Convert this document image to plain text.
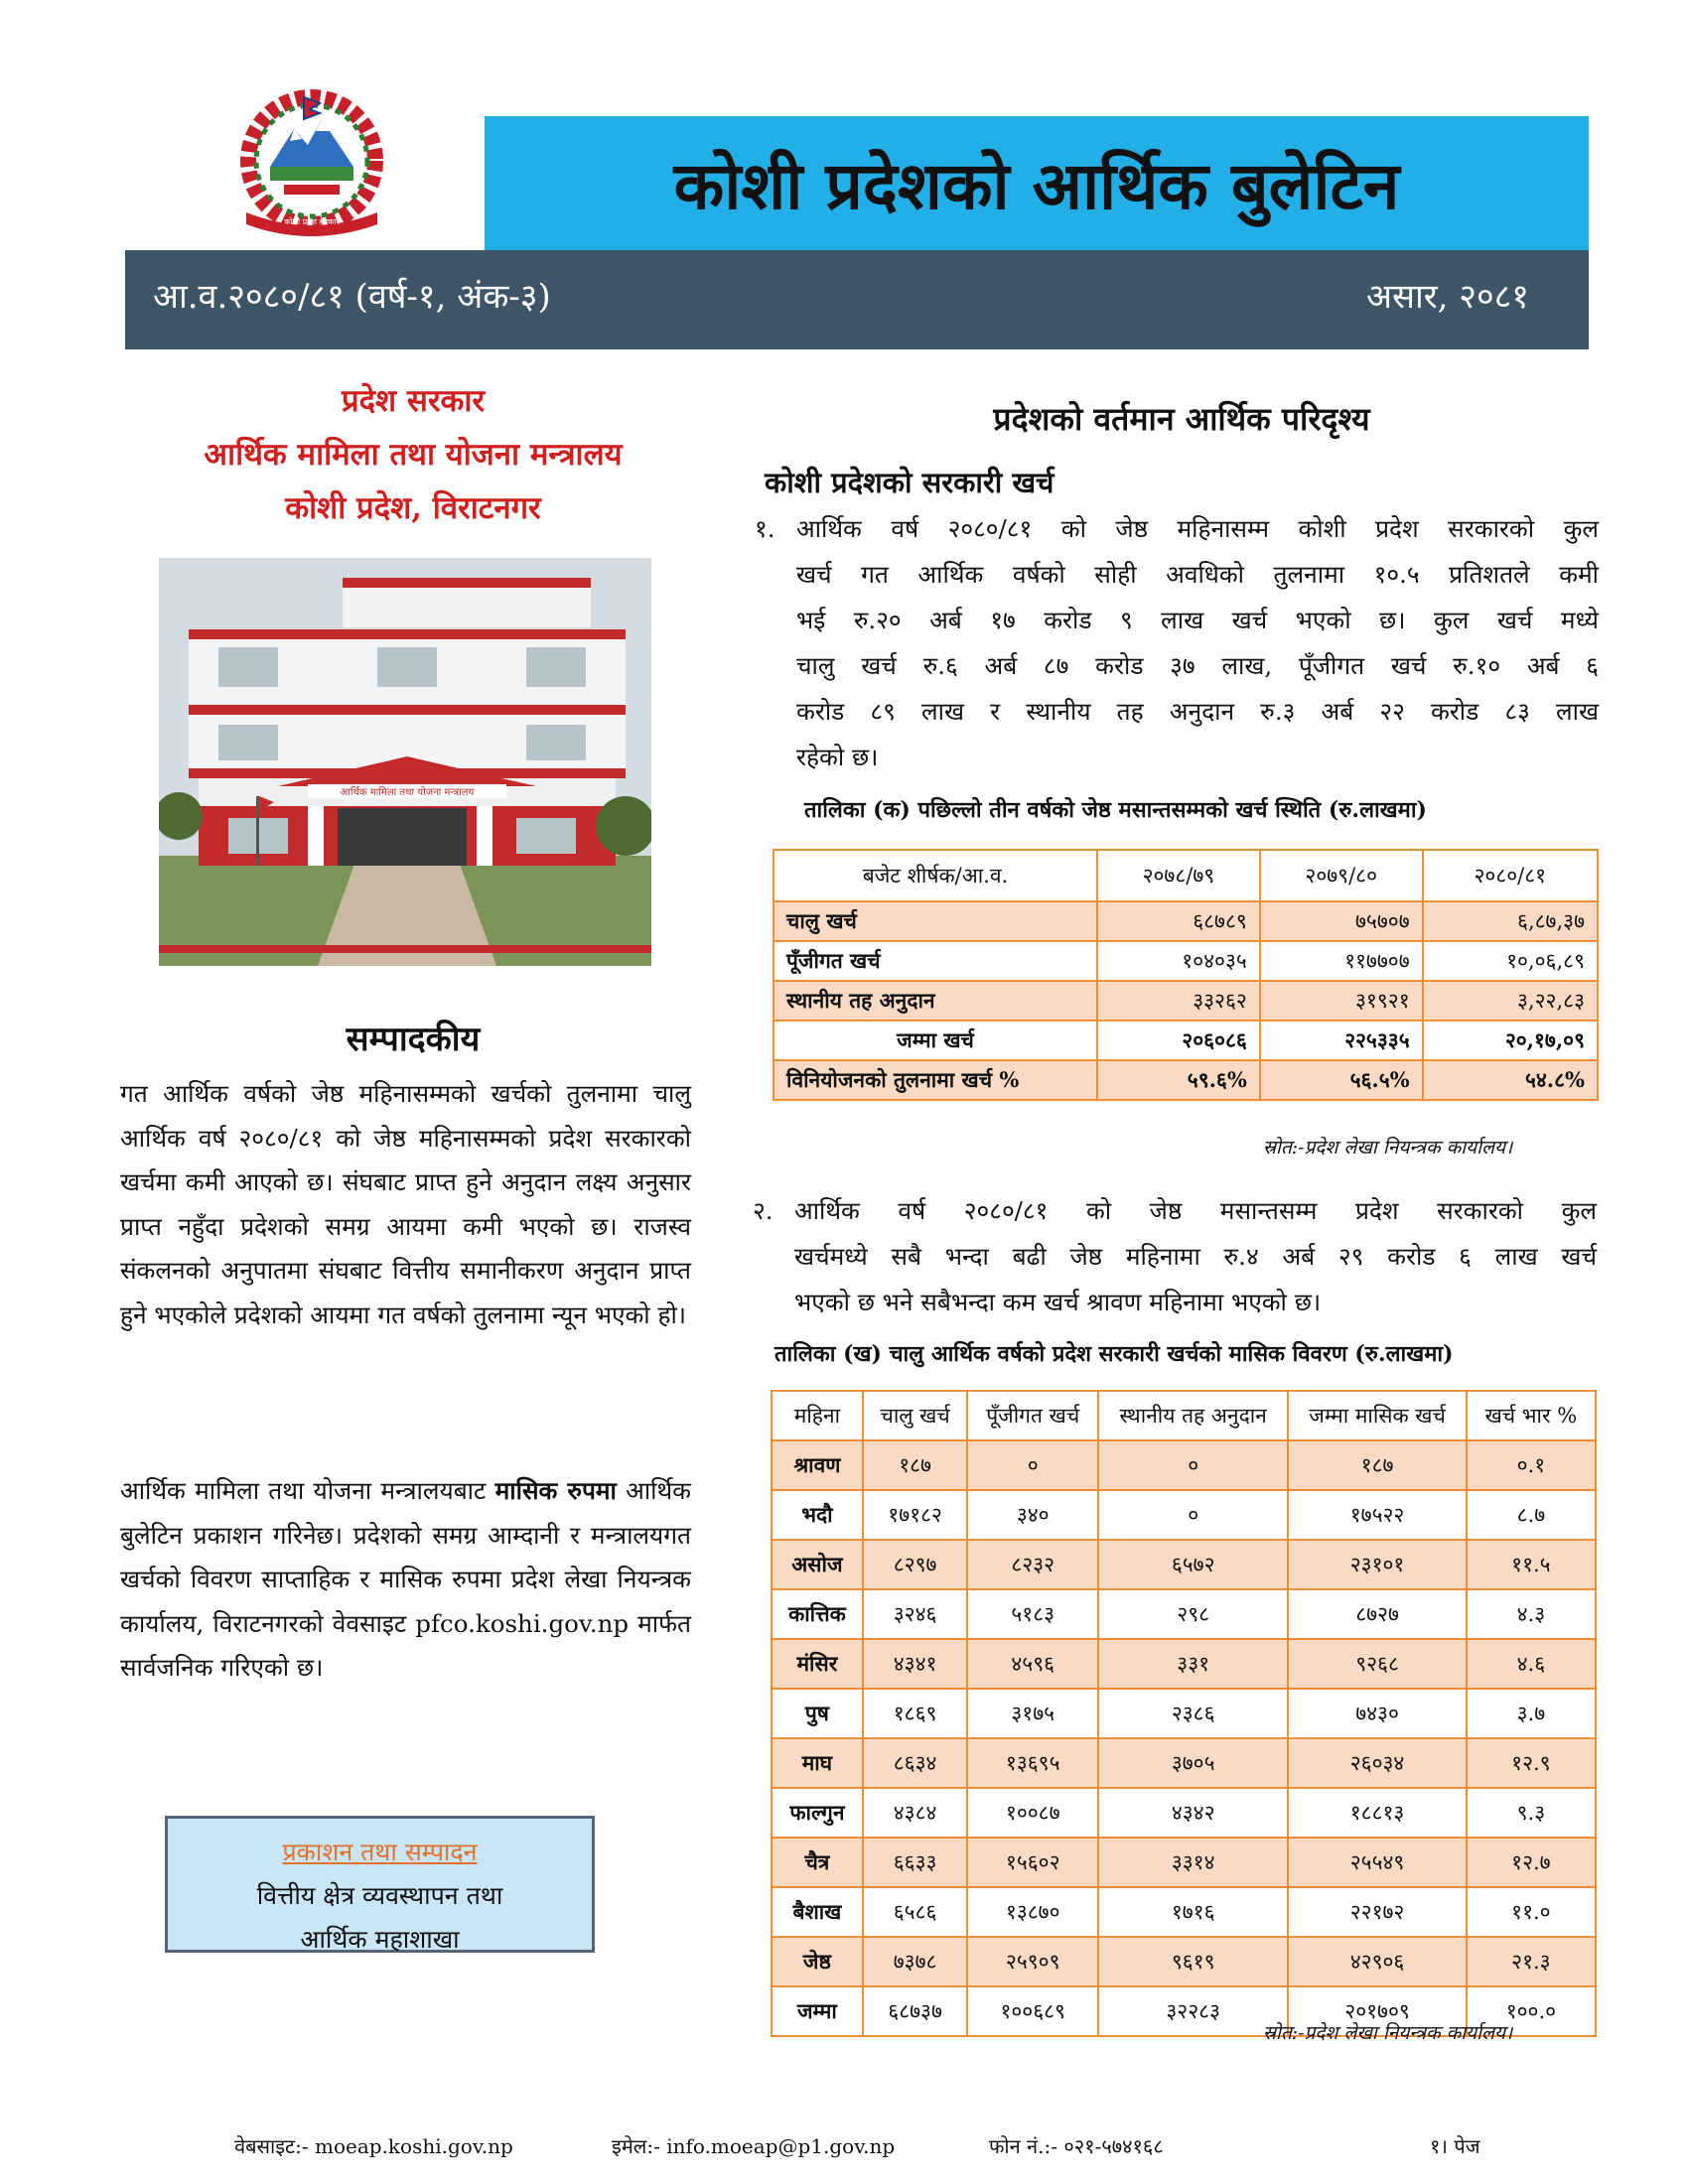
कोशी प्रदेश सरकार	कोशी प्रदेशको आर्थिक बुलेटिन
आ.व.२०८०/८१ (वर्ष-१, अंक-३)	असार, २०८१
प्रदेश सरकार
आर्थिक मामिला तथा योजना मन्त्रालय
कोशी प्रदेश, विराटनगर
आर्थिक मामिला तथा योजना मन्त्रालय
सम्पादकीय
गत आर्थिक वर्षको जेष्ठ महिनासम्मको खर्चको तुलनामा चालु आर्थिक वर्ष २०८०/८१ को जेष्ठ महिनासम्मको प्रदेश सरकारको खर्चमा कमी आएको छ। संघबाट प्राप्त हुने अनुदान लक्ष्य अनुसार प्राप्त नहुँदा प्रदेशको समग्र आयमा कमी भएको छ। राजस्व संकलनको अनुपातमा संघबाट वित्तीय समानीकरण अनुदान प्राप्त हुने भएकोले प्रदेशको आयमा गत वर्षको तुलनामा न्यून भएको हो।
आर्थिक मामिला तथा योजना मन्त्रालयबाट मासिक रुपमा आर्थिक बुलेटिन प्रकाशन गरिनेछ। प्रदेशको समग्र आम्दानी र मन्त्रालयगत खर्चको विवरण साप्ताहिक र मासिक रुपमा प्रदेश लेखा नियन्त्रक कार्यालय, विराटनगरको वेवसाइट pfco.koshi.gov.np मार्फत सार्वजनिक गरिएको छ।
प्रकाशन तथा सम्पादन
वित्तीय क्षेत्र व्यवस्थापन तथा
आर्थिक महाशाखा
प्रदेशको वर्तमान आर्थिक परिदृश्य
कोशी प्रदेशको सरकारी खर्च
१. आर्थिक वर्ष २०८०/८१ को जेष्ठ महिनासम्म कोशी प्रदेश सरकारको कुल
खर्च गत आर्थिक वर्षको सोही अवधिको तुलनामा १०.५ प्रतिशतले कमी
भई रु.२० अर्ब १७ करोड ९ लाख खर्च भएको छ। कुल खर्च मध्ये
चालु खर्च रु.६ अर्ब ८७ करोड ३७ लाख, पूँजीगत खर्च रु.१० अर्ब ६
करोड ८९ लाख र स्थानीय तह अनुदान रु.३ अर्ब २२ करोड ८३ लाख
रहेको छ।
तालिका (क) पछिल्लो तीन वर्षको जेष्ठ मसान्तसम्मको खर्च स्थिति (रु.लाखमा)
बजेट शीर्षक/आ.व.	२०७८/७९	२०७९/८०	२०८०/८१
चालु खर्च	६८७८९	७५७०७	६,८७,३७
पूँजीगत खर्च	१०४०३५	११७७०७	१०,०६,८९
स्थानीय तह अनुदान	३३२६२	३१९२१	३,२२,८३
जम्मा खर्च	२०६०८६	२२५३३५	२०,१७,०९
विनियोजनको तुलनामा खर्च %	५९.६%	५६.५%	५४.८%
स्रोत:-प्रदेश लेखा नियन्त्रक कार्यालय।
२. आर्थिक वर्ष २०८०/८१ को जेष्ठ मसान्तसम्म प्रदेश सरकारको कुल
खर्चमध्ये सबै भन्दा बढी जेष्ठ महिनामा रु.४ अर्ब २९ करोड ६ लाख खर्च
भएको छ भने सबैभन्दा कम खर्च श्रावण महिनामा भएको छ।
तालिका (ख) चालु आर्थिक वर्षको प्रदेश सरकारी खर्चको मासिक विवरण (रु.लाखमा)
महिना	चालु खर्च	पूँजीगत खर्च	स्थानीय तह अनुदान	जम्मा मासिक खर्च	खर्च भार %
श्रावण	१८७	०	०	१८७	०.१
भदौ	१७१८२	३४०	०	१७५२२	८.७
असोज	८२९७	८२३२	६५७२	२३१०१	११.५
कात्तिक	३२४६	५१८३	२९८	८७२७	४.३
मंसिर	४३४१	४५९६	३३१	९२६८	४.६
पुष	१८६९	३१७५	२३८६	७४३०	३.७
माघ	८६३४	१३६९५	३७०५	२६०३४	१२.९
फाल्गुन	४३८४	१००८७	४३४२	१८८१३	९.३
चैत्र	६६३३	१५६०२	३३१४	२५५४९	१२.७
बैशाख	६५८६	१३८७०	१७१६	२२१७२	११.०
जेष्ठ	७३७८	२५९०९	९६१९	४२९०६	२१.३
जम्मा	६८७३७	१००६८९	३२२८३	२०१७०९	१००.०
स्रोत:-प्रदेश लेखा नियन्त्रक कार्यालय।
वेबसाइट:- moeap.koshi.gov.np	इमेल:- info.moeap@p1.gov.np	फोन नं.:- ०२१-५७४१६८	१। पेज
